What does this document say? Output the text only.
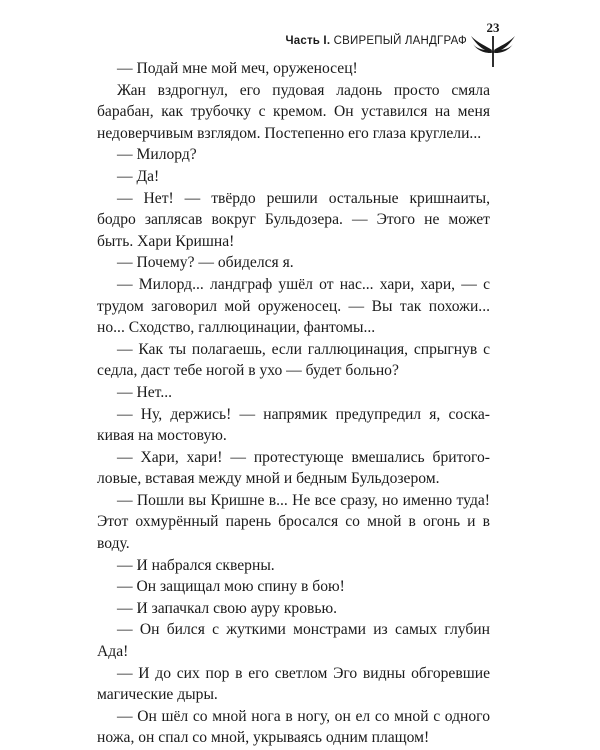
23
Часть I. СВИРЕПЫЙ ЛАНДГРАФ

— Подай мне мой меч, оруженосец!

Жан вздрогнул, его пудовая ладонь просто смяла барабан, как трубочку с кремом. Он уставился на меня недоверчивым взглядом. Постепенно его глаза круглели...

— Милорд?

— Да!

— Нет! — твёрдо решили остальные кришнаиты, бодро заплясав вокруг Бульдозера. — Этого не может быть. Хари Кришна!

— Почему? — обиделся я.

— Милорд... ландграф ушёл от нас... хари, хари, — с трудом заговорил мой оруженосец. — Вы так похожи... но... Сходство, галлюцинации, фантомы...

— Как ты полагаешь, если галлюцинация, спрыгнув с седла, даст тебе ногой в ухо — будет больно?

— Нет...

— Ну, держись! — напрямик предупредил я, соскакивая на мостовую.

— Хари, хари! — протестующе вмешались бритоголовые, вставая между мной и бедным Бульдозером.

— Пошли вы Кришне в... Не все сразу, но именно туда! Этот охмурённый парень бросался со мной в огонь и в воду.

— И набрался скверны.

— Он защищал мою спину в бою!

— И запачкал свою ауру кровью.

— Он бился с жуткими монстрами из самых глубин Ада!

— И до сих пор в его светлом Эго видны обгоревшие магические дыры.

— Он шёл со мной нога в ногу, он ел со мной с одного ножа, он спал со мной, укрываясь одним плащом!
